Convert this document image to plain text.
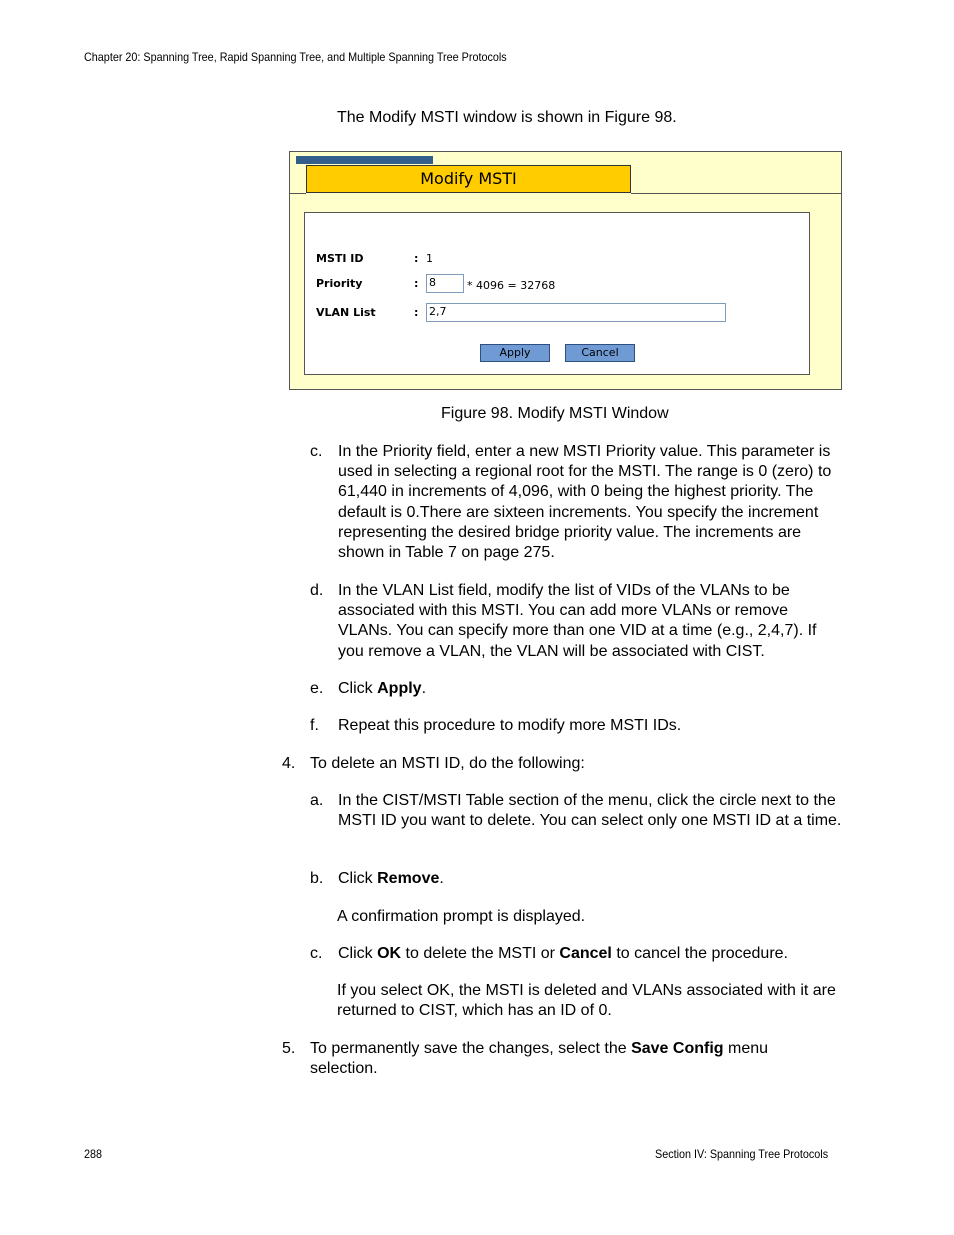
Chapter 20: Spanning Tree, Rapid Spanning Tree, and Multiple Spanning Tree Protocols
The Modify MSTI window is shown in Figure 98.
Modify MSTI
MSTI ID	: 1
Priority	: 8	* 4096 = 32768
VLAN List	: 2,7
Apply	Cancel
Figure 98. Modify MSTI Window
c. In the Priority field, enter a new MSTI Priority value. This parameter is used in selecting a regional root for the MSTI. The range is 0 (zero) to 61,440 in increments of 4,096, with 0 being the highest priority. The default is 0.There are sixteen increments. You specify the increment representing the desired bridge priority value. The increments are shown in Table 7 on page 275.
d. In the VLAN List field, modify the list of VIDs of the VLANs to be associated with this MSTI. You can add more VLANs or remove VLANs. You can specify more than one VID at a time (e.g., 2,4,7). If you remove a VLAN, the VLAN will be associated with CIST.
e. Click Apply.
f. Repeat this procedure to modify more MSTI IDs.
4. To delete an MSTI ID, do the following:
a. In the CIST/MSTI Table section of the menu, click the circle next to the MSTI ID you want to delete. You can select only one MSTI ID at a time.
b. Click Remove.
A confirmation prompt is displayed.
c. Click OK to delete the MSTI or Cancel to cancel the procedure.
If you select OK, the MSTI is deleted and VLANs associated with it are returned to CIST, which has an ID of 0.
5. To permanently save the changes, select the Save Config menu selection.
288	Section IV: Spanning Tree Protocols
